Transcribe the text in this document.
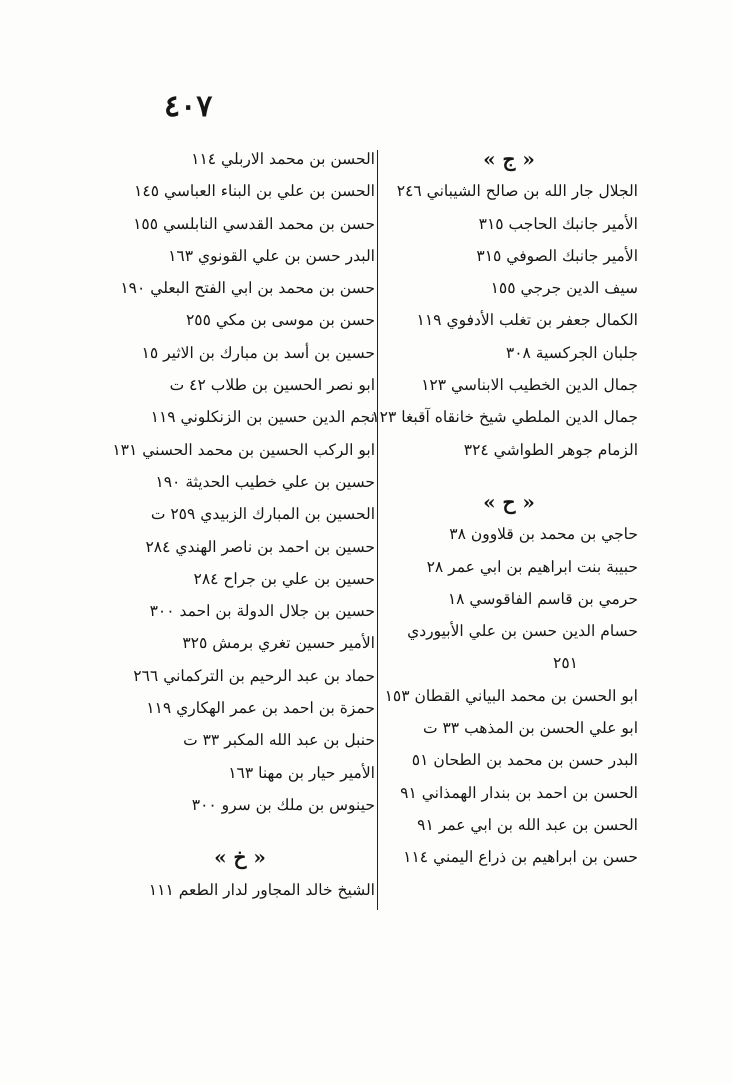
٤٠٧
« ج »
الجلال جار الله بن صالح الشيباني ٢٤٦
الأمير جانبك الحاجب ٣١٥
الأمير جانبك الصوفي ٣١٥
سيف الدين جرجي ١٥٥
الكمال جعفر بن تغلب الأدفوي ١١٩
جلبان الجركسية ٣٠٨
جمال الدين الخطيب الابناسي ١٢٣
جمال الدين الملطي شيخ خانقاه آقبغا ١٢٣
الزمام جوهر الطواشي ٣٢٤
« ح »
حاجي بن محمد بن قلاوون ٣٨
حبيبة بنت ابراهيم بن ابي عمر ٢٨
حرمي بن قاسم الفاقوسي ١٨
حسام الدين حسن بن علي الأبيوردي
٢٥١
ابو الحسن بن محمد البياني القطان ١٥٣
ابو علي الحسن بن المذهب ٣٣ ت
البدر حسن بن محمد بن الطحان ٥١
الحسن بن احمد بن بندار الهمذاني ٩١
الحسن بن عبد الله بن ابي عمر ٩١
حسن بن ابراهيم بن ذراع اليمني ١١٤
الحسن بن محمد الاربلي ١١٤
الحسن بن علي بن البناء العباسي ١٤٥
حسن بن محمد القدسي النابلسي ١٥٥
البدر حسن بن علي القونوي ١٦٣
حسن بن محمد بن ابي الفتح البعلي ١٩٠
حسن بن موسى بن مكي ٢٥٥
حسين بن أسد بن مبارك بن الاثير ١٥
ابو نصر الحسين بن طلاب ٤٢ ت
نجم الدين حسين بن الزنكلوني ١١٩
ابو الركب الحسين بن محمد الحسني ١٣١
حسين بن علي خطيب الحديثة ١٩٠
الحسين بن المبارك الزبيدي ٢٥٩ ت
حسين بن احمد بن ناصر الهندي ٢٨٤
حسين بن علي بن جراح ٢٨٤
حسين بن جلال الدولة بن احمد ٣٠٠
الأمير حسين تغري برمش ٣٢٥
حماد بن عبد الرحيم بن التركماني ٢٦٦
حمزة بن احمد بن عمر الهكاري ١١٩
حنبل بن عبد الله المكبر ٣٣ ت
الأمير حيار بن مهنا ١٦٣
حينوس بن ملك بن سرو ٣٠٠
« خ »
الشيخ خالد المجاور لدار الطعم ١١١
